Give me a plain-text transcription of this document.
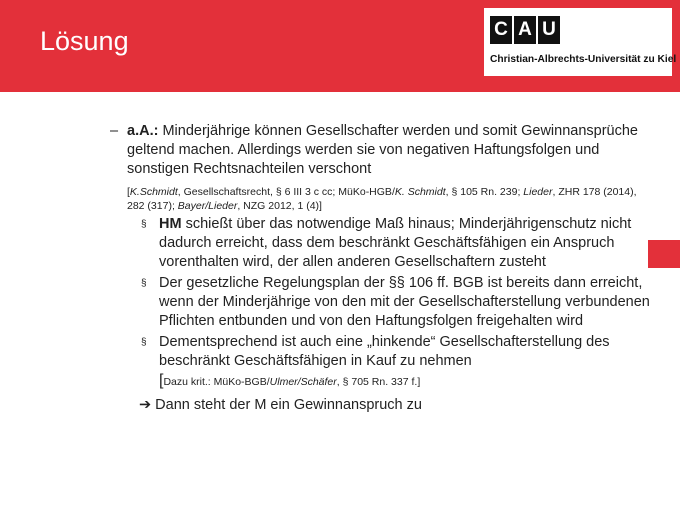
Lösung	C A U
Christian-Albrechts-Universität zu Kiel
– a.A.: Minderjährige können Gesellschafter werden und somit Gewinnansprüche geltend machen. Allerdings werden sie von negativen Haftungsfolgen und sonstigen Rechtsnachteilen verschont
[K.Schmidt, Gesellschaftsrecht, § 6 III 3 c cc; MüKo-HGB/K. Schmidt, § 105 Rn. 239; Lieder, ZHR 178 (2014), 282 (317); Bayer/Lieder, NZG 2012, 1 (4)]
§ HM schießt über das notwendige Maß hinaus; Minderjährigenschutz nicht dadurch erreicht, dass dem beschränkt Geschäftsfähigen ein Anspruch vorenthalten wird, der allen anderen Gesellschaftern zusteht
§ Der gesetzliche Regelungsplan der §§ 106 ff. BGB ist bereits dann erreicht, wenn der Minderjährige von den mit der Gesellschafterstellung verbundenen Pflichten entbunden und von den Haftungsfolgen freigehalten wird
§ Dementsprechend ist auch eine „hinkende“ Gesellschafterstellung des beschränkt Geschäftsfähigen in Kauf zu nehmen
[Dazu krit.: MüKo-BGB/Ulmer/Schäfer, § 705 Rn. 337 f.]
➔ Dann steht der M ein Gewinnanspruch zu
